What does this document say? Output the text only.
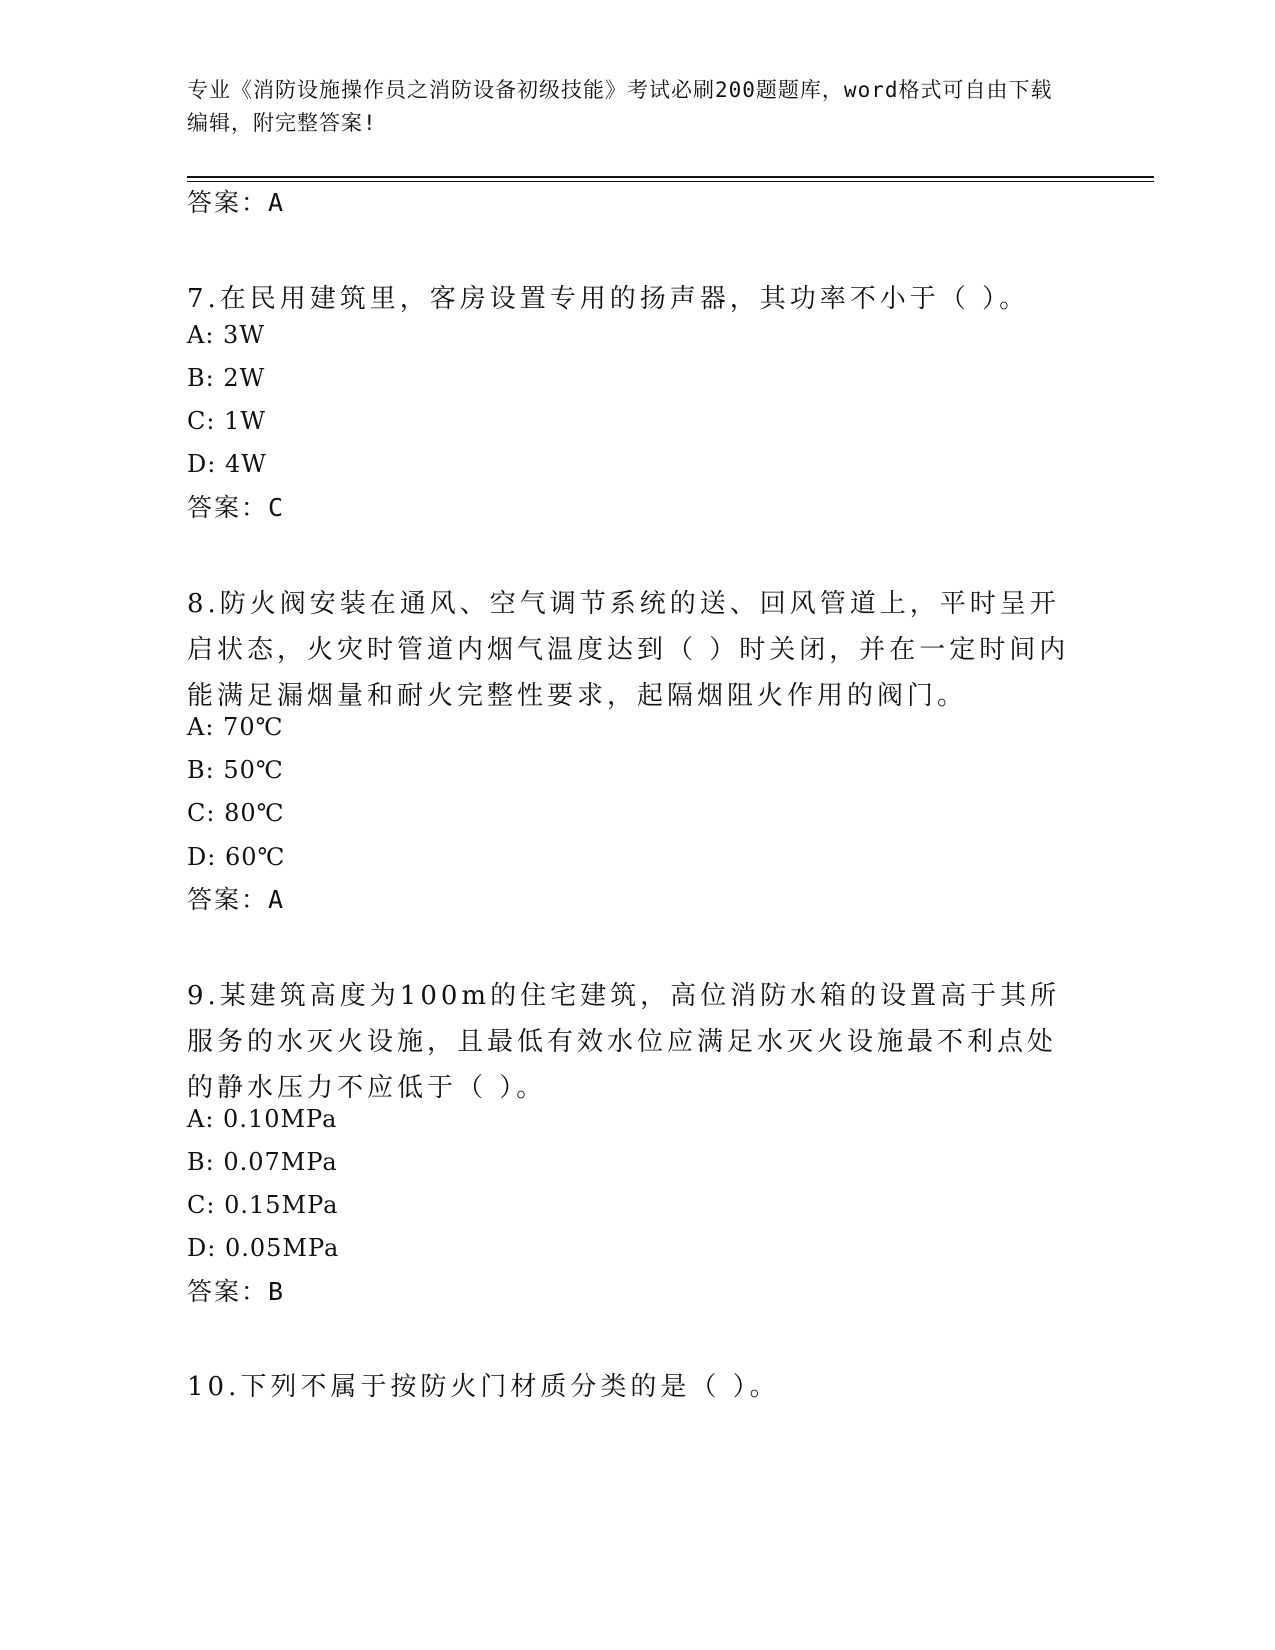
专业《消防设施操作员之消防设备初级技能》考试必刷200题题库，word格式可自由下载编辑，附完整答案!
答案：A
7.在民用建筑里，客房设置专用的扬声器，其功率不小于（ ）。
A: 3W
B: 2W
C: 1W
D: 4W
答案：C
8.防火阀安装在通风、空气调节系统的送、回风管道上，平时呈开启状态，火灾时管道内烟气温度达到（ ）时关闭，并在一定时间内能满足漏烟量和耐火完整性要求，起隔烟阻火作用的阀门。
A: 70℃
B: 50℃
C: 80℃
D: 60℃
答案：A
9.某建筑高度为100m的住宅建筑，高位消防水箱的设置高于其所服务的水灭火设施，且最低有效水位应满足水灭火设施最不利点处的静水压力不应低于（ ）。
A: 0.10MPa
B: 0.07MPa
C: 0.15MPa
D: 0.05MPa
答案：B
10.下列不属于按防火门材质分类的是（ ）。
